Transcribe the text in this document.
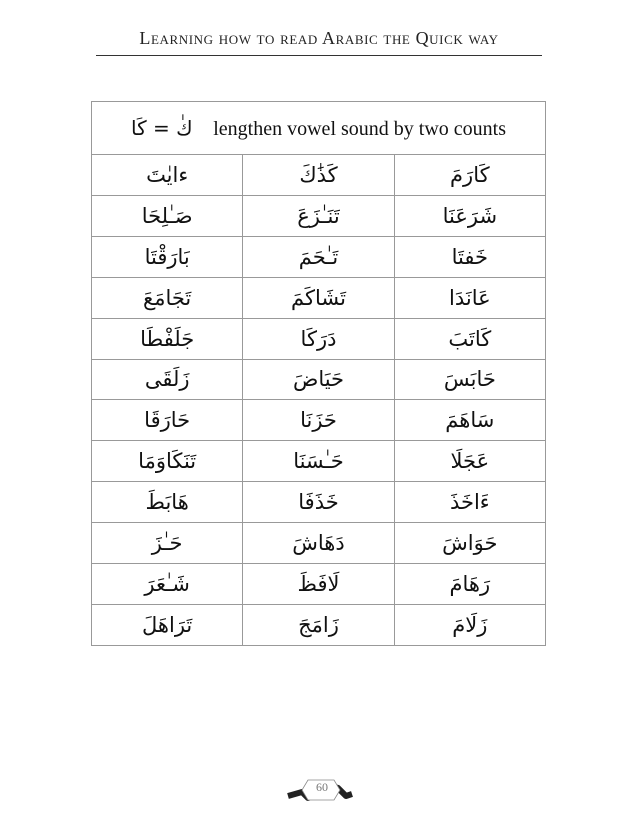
Learning how to read Arabic the Quick way
كٰ = كَا lengthen vowel sound by two counts		
ءايٰتَ	كَذَٰكَ	كَارَمَ
صَـٰلِحَا	تَنَـٰزَعَ	شَرَعَنَا
بَارَقْتَا	تَـٰحَمَ	خَفتَا
تَجَامَعَ	تَشَاكَمَ	عَانَدَا
جَلَفْطَا	دَرَكَا	كَاتَبَ
زَلَقَى	حَيَاضَ	حَابَسَ
حَارَقَا	حَزَنَا	سَاهَمَ
تَنَكَاوَمَا	حَـٰسَنَا	عَجَلَا
هَابَطَ	خَذَفَا	ءَاخَذَ
حَـٰزَ	دَهَاشَ	حَوَاشَ
شَـٰعَرَ	لَافَظَ	رَهَامَ
تَرَاهَلَ	زَامَجَ	زَلَامَ
60
